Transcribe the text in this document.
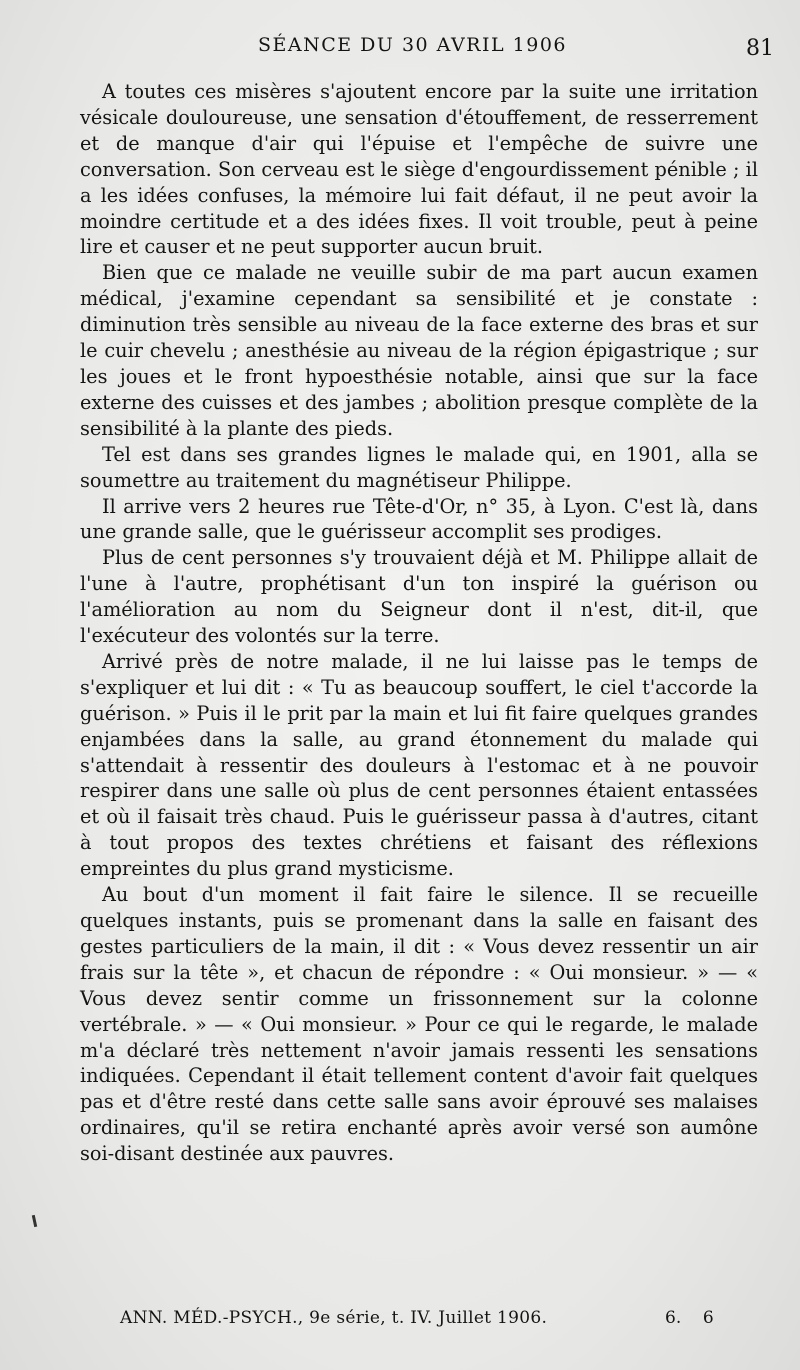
SÉANCE DU 30 AVRIL 1906	81

A toutes ces misères s'ajoutent encore par la suite une irritation vésicale douloureuse, une sensation d'étouffement, de resserrement et de manque d'air qui l'épuise et l'empêche de suivre une conversation. Son cerveau est le siège d'engourdissement pénible ; il a les idées confuses, la mémoire lui fait défaut, il ne peut avoir la moindre certitude et a des idées fixes. Il voit trouble, peut à peine lire et causer et ne peut supporter aucun bruit.

Bien que ce malade ne veuille subir de ma part aucun examen médical, j'examine cependant sa sensibilité et je constate : diminution très sensible au niveau de la face externe des bras et sur le cuir chevelu ; anesthésie au niveau de la région épigastrique ; sur les joues et le front hypoesthésie notable, ainsi que sur la face externe des cuisses et des jambes ; abolition presque complète de la sensibilité à la plante des pieds.

Tel est dans ses grandes lignes le malade qui, en 1901, alla se soumettre au traitement du magnétiseur Philippe.

Il arrive vers 2 heures rue Tête-d'Or, n° 35, à Lyon. C'est là, dans une grande salle, que le guérisseur accomplit ses prodiges.

Plus de cent personnes s'y trouvaient déjà et M. Philippe allait de l'une à l'autre, prophétisant d'un ton inspiré la guérison ou l'amélioration au nom du Seigneur dont il n'est, dit-il, que l'exécuteur des volontés sur la terre.

Arrivé près de notre malade, il ne lui laisse pas le temps de s'expliquer et lui dit : « Tu as beaucoup souffert, le ciel t'accorde la guérison. » Puis il le prit par la main et lui fit faire quelques grandes enjambées dans la salle, au grand étonnement du malade qui s'attendait à ressentir des douleurs à l'estomac et à ne pouvoir respirer dans une salle où plus de cent personnes étaient entassées et où il faisait très chaud. Puis le guérisseur passa à d'autres, citant à tout propos des textes chrétiens et faisant des réflexions empreintes du plus grand mysticisme.

Au bout d'un moment il fait faire le silence. Il se recueille quelques instants, puis se promenant dans la salle en faisant des gestes particuliers de la main, il dit : « Vous devez ressentir un air frais sur la tête », et chacun de répondre : « Oui monsieur. » — « Vous devez sentir comme un frissonnement sur la colonne vertébrale. » — « Oui monsieur. » Pour ce qui le regarde, le malade m'a déclaré très nettement n'avoir jamais ressenti les sensations indiquées. Cependant il était tellement content d'avoir fait quelques pas et d'être resté dans cette salle sans avoir éprouvé ses malaises ordinaires, qu'il se retira enchanté après avoir versé son aumône soi-disant destinée aux pauvres.

ANN. MÉD.-PSYCH., 9e série, t. IV. Juillet 1906.	6.    6
